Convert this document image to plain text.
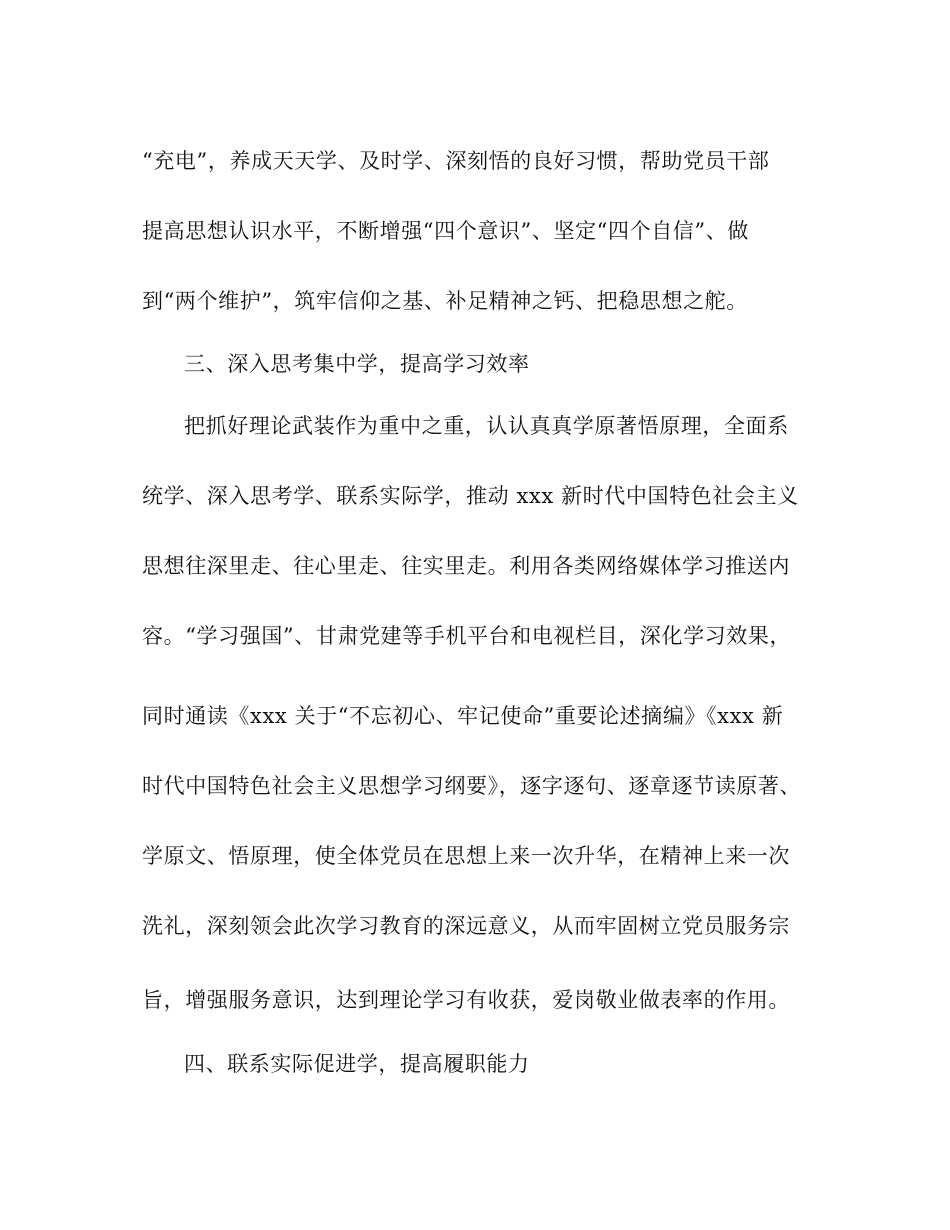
“充电”，养成天天学、及时学、深刻悟的良好习惯，帮助党员干部
提高思想认识水平，不断增强“四个意识”、坚定“四个自信”、做
到“两个维护”，筑牢信仰之基、补足精神之钙、把稳思想之舵。
三、深入思考集中学，提高学习效率
把抓好理论武装作为重中之重，认认真真学原著悟原理，全面系
统学、深入思考学、联系实际学，推动 xxx 新时代中国特色社会主义
思想往深里走、往心里走、往实里走。利用各类网络媒体学习推送内
容。“学习强国”、甘肃党建等手机平台和电视栏目，深化学习效果，
同时通读《xxx 关于“不忘初心、牢记使命”重要论述摘编》《xxx 新
时代中国特色社会主义思想学习纲要》，逐字逐句、逐章逐节读原著、
学原文、悟原理，使全体党员在思想上来一次升华，在精神上来一次
洗礼，深刻领会此次学习教育的深远意义，从而牢固树立党员服务宗
旨，增强服务意识，达到理论学习有收获，爱岗敬业做表率的作用。
四、联系实际促进学，提高履职能力
